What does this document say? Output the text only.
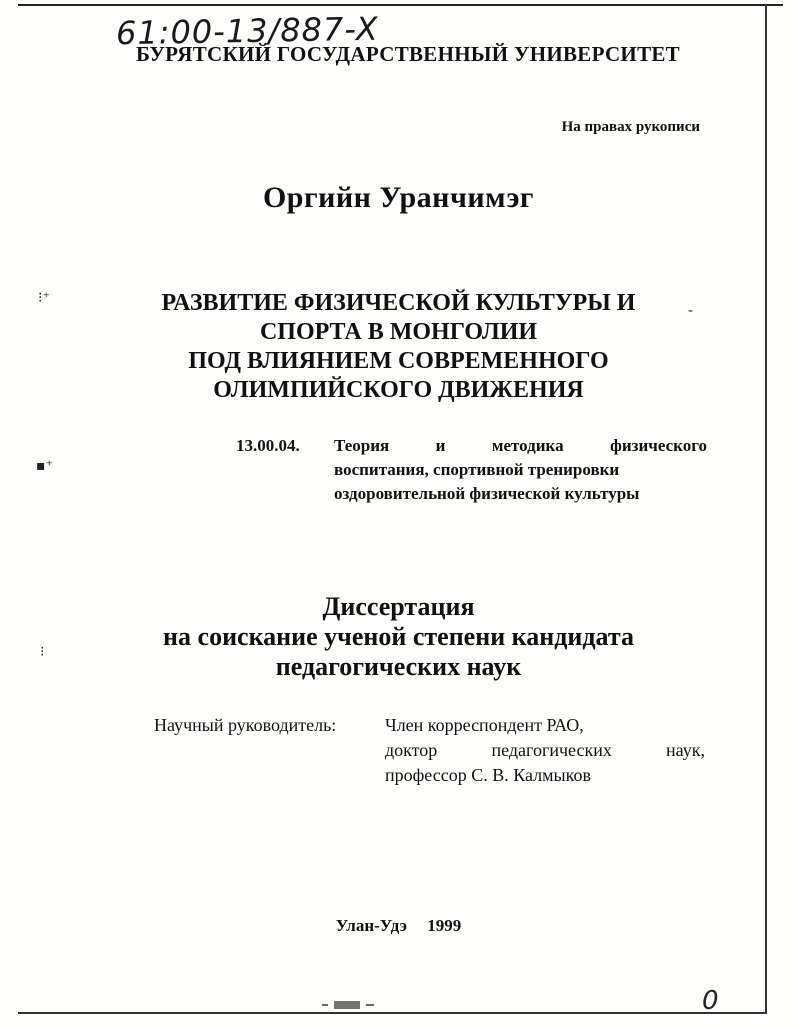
61:00-13/887-X
БУРЯТСКИЙ ГОСУДАРСТВЕННЫЙ УНИВЕРСИТЕТ
На правах рукописи
Оргийн Уранчимэг
РАЗВИТИЕ ФИЗИЧЕСКОЙ КУЛЬТУРЫ И
СПОРТА В МОНГОЛИИ
ПОД ВЛИЯНИЕМ СОВРЕМЕННОГО
ОЛИМПИЙСКОГО ДВИЖЕНИЯ
13.00.04. Теория и методика физического
воспитания, спортивной тренировки
оздоровительной физической культуры
Диссертация
на соискание ученой степени кандидата
педагогических наук
Научный руководитель:	Член корреспондент РАО,
доктор педагогических наук,
профессор С. В. Калмыков
Улан-Удэ 1999
⁝⁺
▪⁺
⁝
-
0
